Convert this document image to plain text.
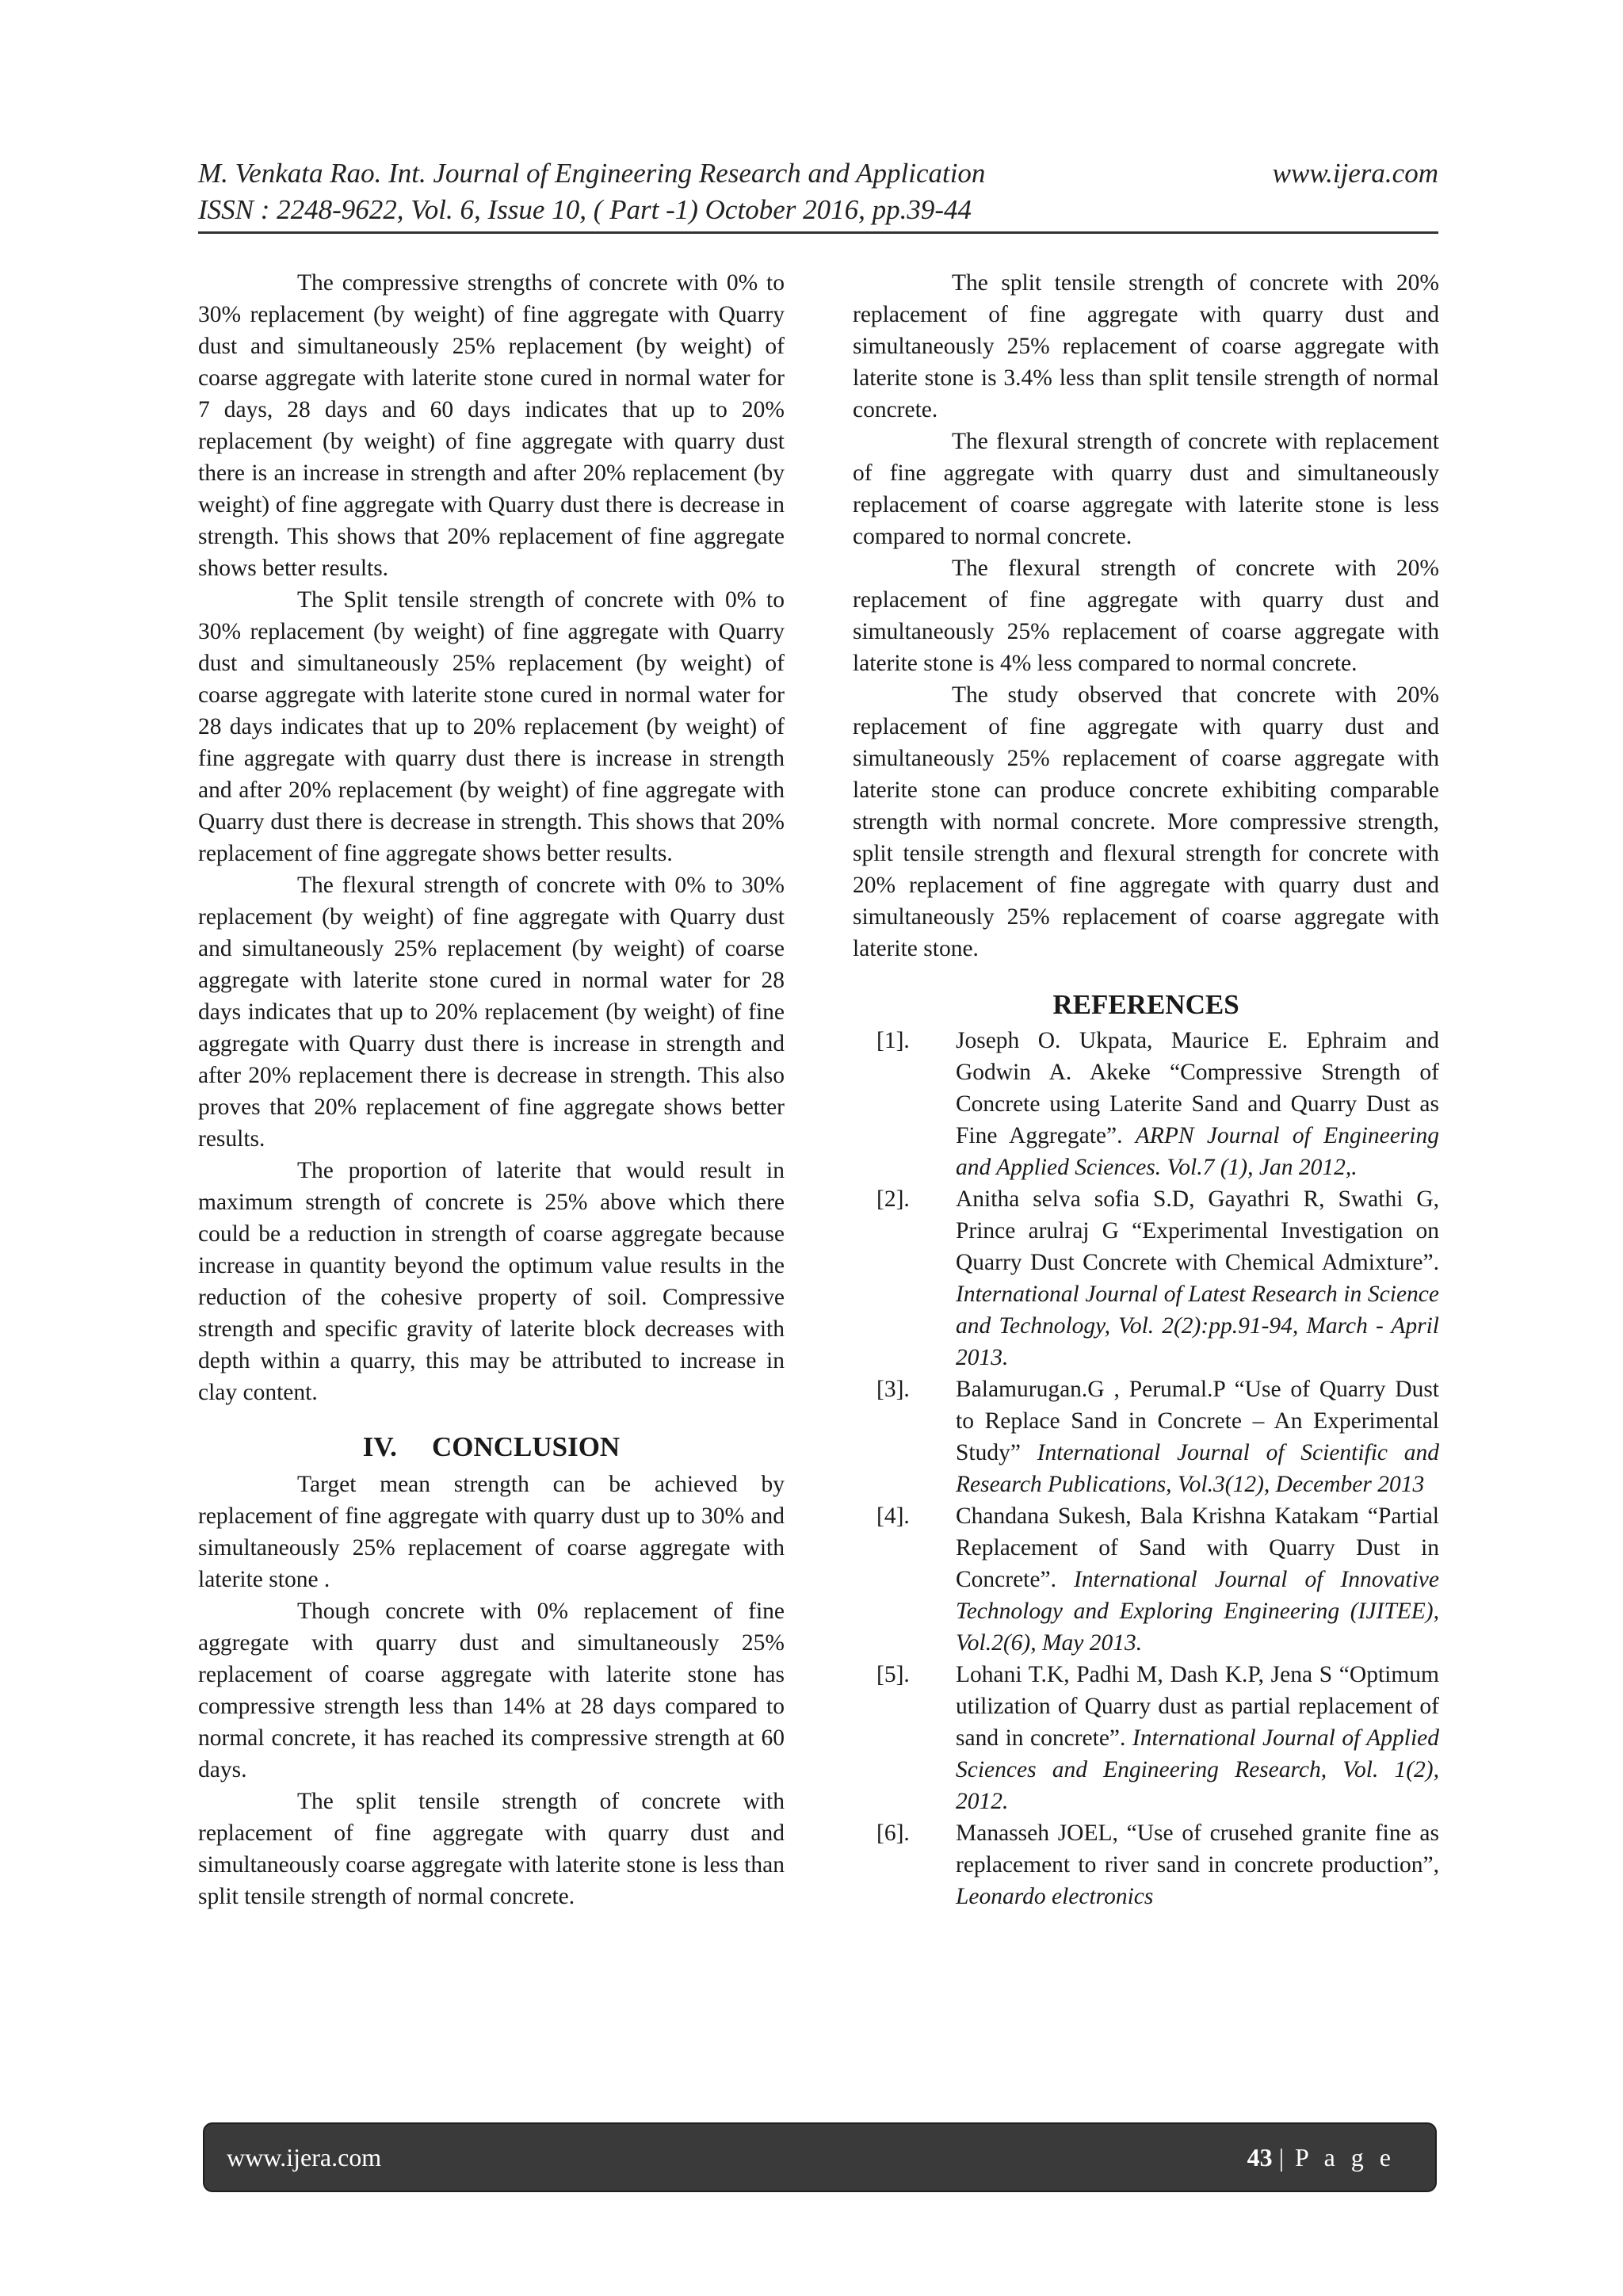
M. Venkata Rao. Int. Journal of Engineering Research and Application	www.ijera.com
ISSN : 2248-9622, Vol. 6, Issue 10, ( Part -1) October 2016, pp.39-44

The compressive strengths of concrete with 0% to 30% replacement (by weight) of fine aggregate with Quarry dust and simultaneously 25% replacement (by weight) of coarse aggregate with laterite stone cured in normal water for 7 days, 28 days and 60 days indicates that up to 20% replacement (by weight) of fine aggregate with quarry dust there is an increase in strength and after 20% replacement (by weight) of fine aggregate with Quarry dust there is decrease in strength. This shows that 20% replacement of fine aggregate shows better results.

The Split tensile strength of concrete with 0% to 30% replacement (by weight) of fine aggregate with Quarry dust and simultaneously 25% replacement (by weight) of coarse aggregate with laterite stone cured in normal water for 28 days indicates that up to 20% replacement (by weight) of fine aggregate with quarry dust there is increase in strength and after 20% replacement (by weight) of fine aggregate with Quarry dust there is decrease in strength. This shows that 20% replacement of fine aggregate shows better results.

The flexural strength of concrete with 0% to 30% replacement (by weight) of fine aggregate with Quarry dust and simultaneously 25% replacement (by weight) of coarse aggregate with laterite stone cured in normal water for 28 days indicates that up to 20% replacement (by weight) of fine aggregate with Quarry dust there is increase in strength and after 20% replacement there is decrease in strength. This also proves that 20% replacement of fine aggregate shows better results.

The proportion of laterite that would result in maximum strength of concrete is 25% above which there could be a reduction in strength of coarse aggregate because increase in quantity beyond the optimum value results in the reduction of the cohesive property of soil. Compressive strength and specific gravity of laterite block decreases with depth within a quarry, this may be attributed to increase in clay content.

IV. CONCLUSION

Target mean strength can be achieved by replacement of fine aggregate with quarry dust up to 30% and simultaneously 25% replacement of coarse aggregate with laterite stone .

Though concrete with 0% replacement of fine aggregate with quarry dust and simultaneously 25% replacement of coarse aggregate with laterite stone has compressive strength less than 14% at 28 days compared to normal concrete, it has reached its compressive strength at 60 days.

The split tensile strength of concrete with replacement of fine aggregate with quarry dust and simultaneously coarse aggregate with laterite stone is less than split tensile strength of normal concrete.

The split tensile strength of concrete with 20% replacement of fine aggregate with quarry dust and simultaneously 25% replacement of coarse aggregate with laterite stone is 3.4% less than split tensile strength of normal concrete.

The flexural strength of concrete with replacement of fine aggregate with quarry dust and simultaneously replacement of coarse aggregate with laterite stone is less compared to normal concrete.

The flexural strength of concrete with 20% replacement of fine aggregate with quarry dust and simultaneously 25% replacement of coarse aggregate with laterite stone is 4% less compared to normal concrete.

The study observed that concrete with 20% replacement of fine aggregate with quarry dust and simultaneously 25% replacement of coarse aggregate with laterite stone can produce concrete exhibiting comparable strength with normal concrete. More compressive strength, split tensile strength and flexural strength for concrete with 20% replacement of fine aggregate with quarry dust and simultaneously 25% replacement of coarse aggregate with laterite stone.

REFERENCES
[1].	Joseph O. Ukpata, Maurice E. Ephraim and Godwin A. Akeke “Compressive Strength of Concrete using Laterite Sand and Quarry Dust as Fine Aggregate”. ARPN Journal of Engineering and Applied Sciences. Vol.7 (1), Jan 2012,.
[2].	Anitha selva sofia S.D, Gayathri R, Swathi G, Prince arulraj G “Experimental Investigation on Quarry Dust Concrete with Chemical Admixture”. International Journal of Latest Research in Science and Technology, Vol. 2(2):pp.91-94, March - April 2013.
[3].	Balamurugan.G , Perumal.P “Use of Quarry Dust to Replace Sand in Concrete – An Experimental Study” International Journal of Scientific and Research Publications, Vol.3(12), December 2013
[4].	Chandana Sukesh, Bala Krishna Katakam “Partial Replacement of Sand with Quarry Dust in Concrete”. International Journal of Innovative Technology and Exploring Engineering (IJITEE), Vol.2(6), May 2013.
[5].	Lohani T.K, Padhi M, Dash K.P, Jena S “Optimum utilization of Quarry dust as partial replacement of sand in concrete”. International Journal of Applied Sciences and Engineering Research, Vol. 1(2), 2012.
[6].	Manasseh JOEL, “Use of crusehed granite fine as replacement to river sand in concrete production”, Leonardo electronics
www.ijera.com	43 | P a g e
